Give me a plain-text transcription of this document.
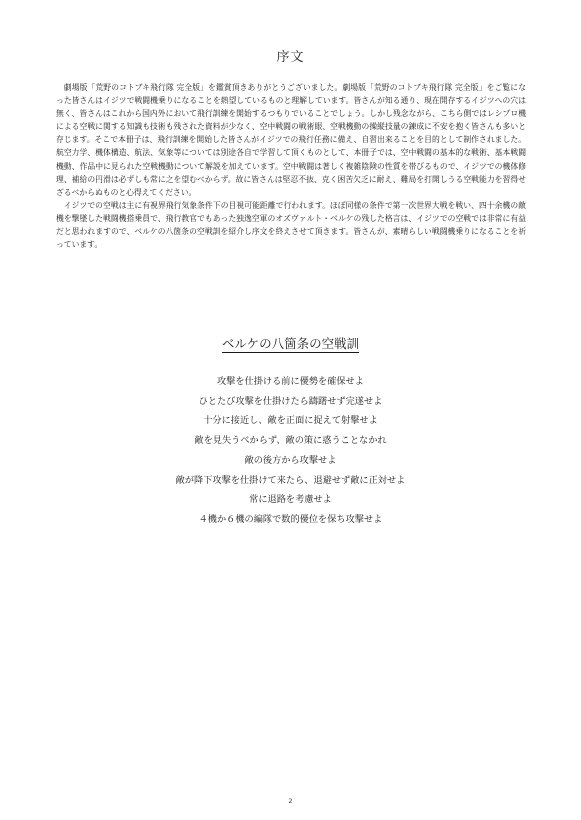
序文

劇場版「荒野のコトブキ飛行隊 完全版」を鑑賞頂きありがとうございました。劇場版「荒野のコトブキ飛行隊 完全版」をご覧になった皆さんはイジツで戦闘機乗りになることを熱望しているものと理解しています。皆さんが知る通り、現在開存するイジツへの穴は無く、皆さんはこれから国内外において飛行訓練を開始するつもりでいることでしょう。しかし残念ながら、こちら側ではレシプロ機による空戦に関する知識も技術も残された資料が少なく、空中戦闘の戦術眼、空戦機動の操縦技量の錬成に不安を抱く皆さんも多いと存じます。そこで本冊子は、飛行訓練を開始した皆さんがイジツでの飛行任務に備え、自習出来ることを目的として制作されました。航空力学、機体構造、航法、気象等については別途各自で学習して頂くものとして、本冊子では、空中戦闘の基本的な戦術、基本戦闘機動、作品中に見られた空戦機動について解説を加えています。空中戦闘は著しく複雑陰険の性質を帯びるもので、イジツでの機体修理、補給の円滑は必ずしも常に之を望むべからず。故に皆さんは堅忍不抜、克く困苦欠乏に耐え、難局を打開しうる空戦能力を習得せざるべからぬものと心得えてください。

イジツでの空戦は主に有視界飛行気象条件下の目視可能距離で行われます。ほぼ同様の条件で第一次世界大戦を戦い、四十余機の敵機を撃墜した戦闘機搭乗員で、飛行教官でもあった独逸空軍のオズヴァルト・ベルケの残した格言は、イジツでの空戦では非常に有益だと思われますので、ベルケの八箇条の空戦訓を紹介し序文を終えさせて頂きます。皆さんが、素晴らしい戦闘機乗りになることを祈っています。

ベルケの八箇条の空戦訓
攻撃を仕掛ける前に優勢を確保せよ
ひとたび攻撃を仕掛けたら躊躇せず完遂せよ
十分に接近し、敵を正面に捉えて射撃せよ
敵を見失うべからず、敵の策に惑うことなかれ
敵の後方から攻撃せよ
敵が降下攻撃を仕掛けて来たら、退避せず敵に正対せよ
常に退路を考慮せよ
４機か６機の編隊で数的優位を保ち攻撃せよ
2
